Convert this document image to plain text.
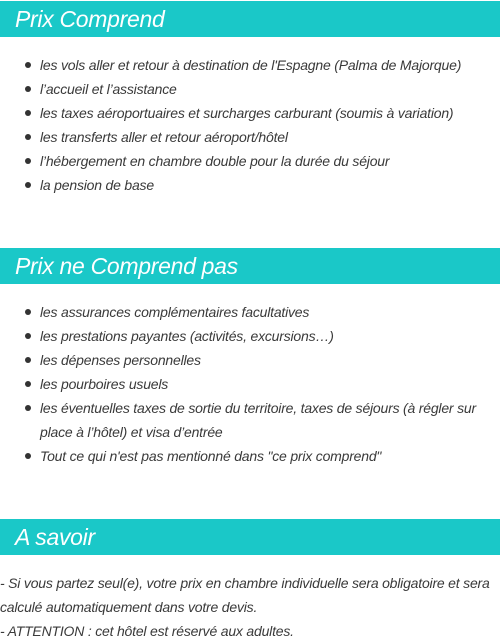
Prix Comprend
les vols aller et retour à destination de l'Espagne (Palma de Majorque)
l’accueil et l’assistance
les taxes aéroportuaires et surcharges carburant (soumis à variation)
les transferts aller et retour aéroport/hôtel
l’hébergement en chambre double pour la durée du séjour
la pension de base
Prix ne Comprend pas
les assurances complémentaires facultatives
les prestations payantes (activités, excursions…)
les dépenses personnelles
les pourboires usuels
les éventuelles taxes de sortie du territoire, taxes de séjours (à régler sur place à l’hôtel) et visa d’entrée
Tout ce qui n'est pas mentionné dans "ce prix comprend"
A savoir

- Si vous partez seul(e), votre prix en chambre individuelle sera obligatoire et sera calculé automatiquement dans votre devis.

- ATTENTION : cet hôtel est réservé aux adultes.
